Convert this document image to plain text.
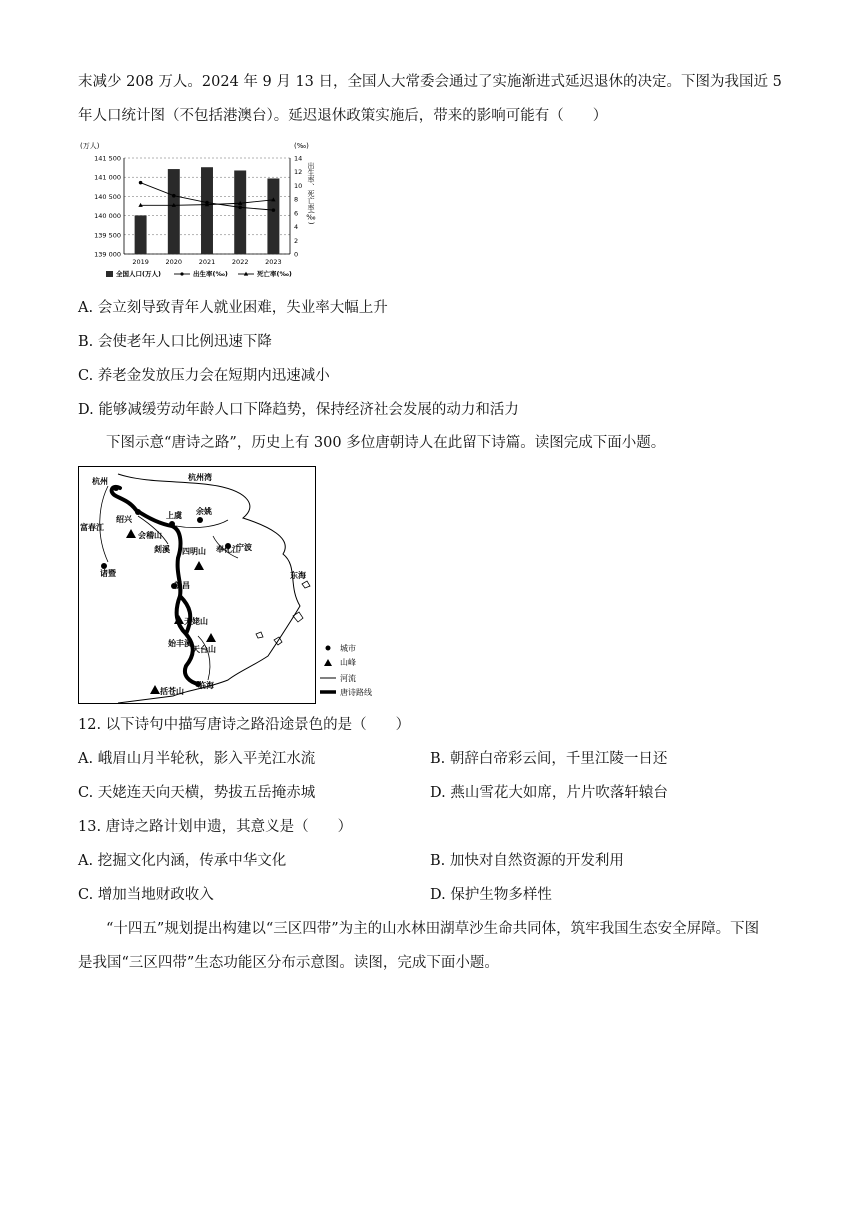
末减少 208 万人。2024 年 9 月 13 日，全国人大常委会通过了实施渐进式延迟退休的决定。下图为我国近 5
年人口统计图（不包括港澳台）。延迟退休政策实施后，带来的影响可能有（　　）
139 000
139 500
140 000
140 500
141 000
141 500
0
2
4
6
8
10
12
14
2019	2020	2021	2022	2023
(万人)	(‰)
出生率、死亡率(‰)
全国人口(万人)	出生率(‰)	死亡率(‰)
A. 会立刻导致青年人就业困难，失业率大幅上升
B. 会使老年人口比例迅速下降
C. 养老金发放压力会在短期内迅速减小
D. 能够减缓劳动年龄人口下降趋势，保持经济社会发展的动力和活力
下图示意“唐诗之路”，历史上有 300 多位唐朝诗人在此留下诗篇。读图完成下面小题。
杭州	杭州湾
富春江
绍兴	上虞 余姚
会稽山
诸暨
四明山
剡溪	奉化江
宁波
新昌
东海
天姥山
天台山
始丰溪
临海
括苍山
城市
山峰
河流
唐诗路线
12. 以下诗句中描写唐诗之路沿途景色的是（　　）
A. 峨眉山月半轮秋，影入平羌江水流	B. 朝辞白帝彩云间，千里江陵一日还
C. 天姥连天向天横，势拔五岳掩赤城	D. 燕山雪花大如席，片片吹落轩辕台
13. 唐诗之路计划申遗，其意义是（　　）
A. 挖掘文化内涵，传承中华文化	B. 加快对自然资源的开发利用
C. 增加当地财政收入	D. 保护生物多样性
“十四五”规划提出构建以“三区四带”为主的山水林田湖草沙生命共同体，筑牢我国生态安全屏障。下图
是我国“三区四带”生态功能区分布示意图。读图，完成下面小题。
